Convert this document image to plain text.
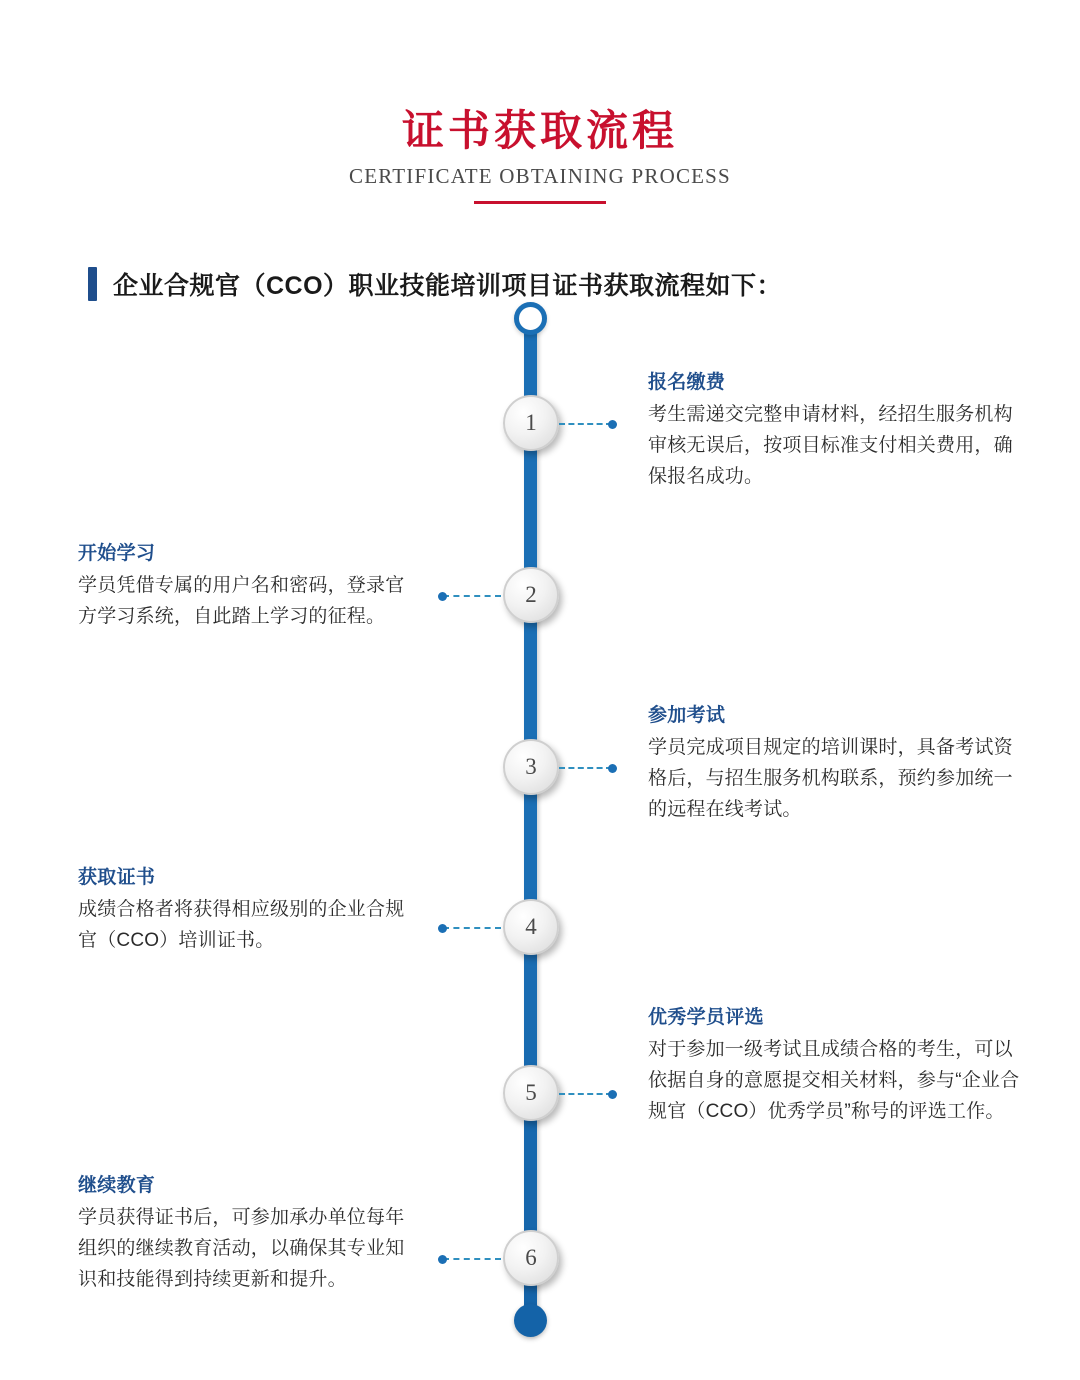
证书获取流程
CERTIFICATE OBTAINING PROCESS
企业合规官（CCO）职业技能培训项目证书获取流程如下：
1
报名缴费
考生需递交完整申请材料，经招生服务机构审核无误后，按项目标准支付相关费用，确保报名成功。
2
开始学习
学员凭借专属的用户名和密码，登录官方学习系统，自此踏上学习的征程。
3
参加考试
学员完成项目规定的培训课时，具备考试资格后，与招生服务机构联系，预约参加统一的远程在线考试。
4
获取证书
成绩合格者将获得相应级别的企业合规官（CCO）培训证书。
5
优秀学员评选
对于参加一级考试且成绩合格的考生，可以依据自身的意愿提交相关材料，参与“企业合规官（CCO）优秀学员”称号的评选工作。
6
继续教育
学员获得证书后，可参加承办单位每年组织的继续教育活动，以确保其专业知识和技能得到持续更新和提升。
